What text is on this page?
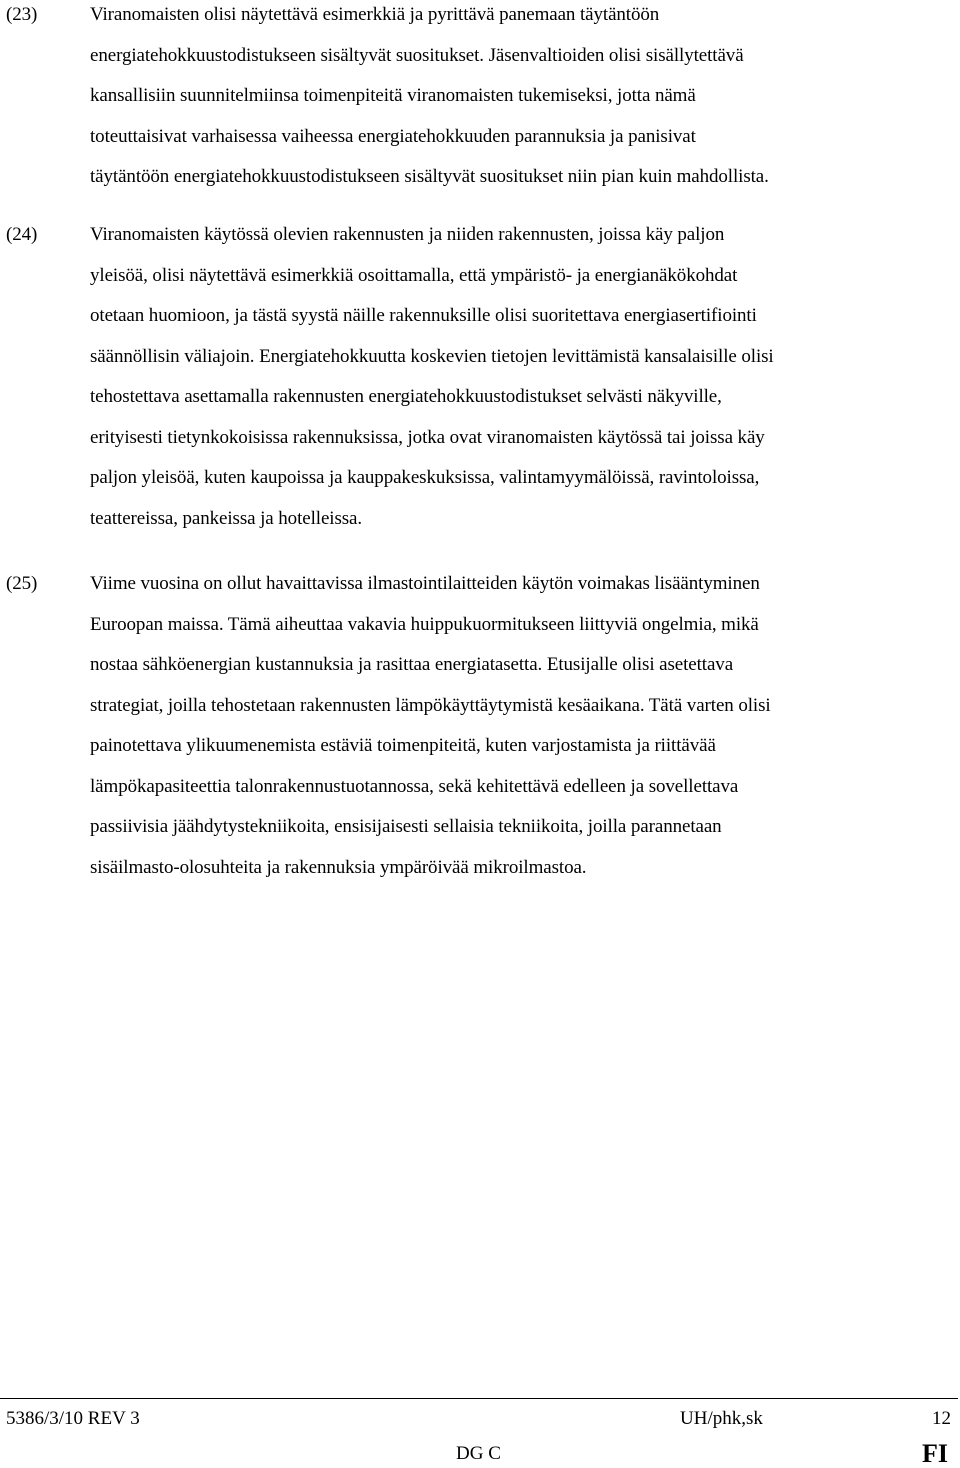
(23)	Viranomaisten olisi näytettävä esimerkkiä ja pyrittävä panemaan täytäntöön
energiatehokkuustodistukseen sisältyvät suositukset. Jäsenvaltioiden olisi sisällytettävä
kansallisiin suunnitelmiinsa toimenpiteitä viranomaisten tukemiseksi, jotta nämä
toteuttaisivat varhaisessa vaiheessa energiatehokkuuden parannuksia ja panisivat
täytäntöön energiatehokkuustodistukseen sisältyvät suositukset niin pian kuin mahdollista.
(24)	Viranomaisten käytössä olevien rakennusten ja niiden rakennusten, joissa käy paljon
yleisöä, olisi näytettävä esimerkkiä osoittamalla, että ympäristö- ja energianäkökohdat
otetaan huomioon, ja tästä syystä näille rakennuksille olisi suoritettava energiasertifiointi
säännöllisin väliajoin. Energiatehokkuutta koskevien tietojen levittämistä kansalaisille olisi
tehostettava asettamalla rakennusten energiatehokkuustodistukset selvästi näkyville,
erityisesti tietynkokoisissa rakennuksissa, jotka ovat viranomaisten käytössä tai joissa käy
paljon yleisöä, kuten kaupoissa ja kauppakeskuksissa, valintamyymälöissä, ravintoloissa,
teattereissa, pankeissa ja hotelleissa.
(25)	Viime vuosina on ollut havaittavissa ilmastointilaitteiden käytön voimakas lisääntyminen
Euroopan maissa. Tämä aiheuttaa vakavia huippukuormitukseen liittyviä ongelmia, mikä
nostaa sähköenergian kustannuksia ja rasittaa energiatasetta. Etusijalle olisi asetettava
strategiat, joilla tehostetaan rakennusten lämpökäyttäytymistä kesäaikana. Tätä varten olisi
painotettava ylikuumenemista estäviä toimenpiteitä, kuten varjostamista ja riittävää
lämpökapasiteettia talonrakennustuotannossa, sekä kehitettävä edelleen ja sovellettava
passiivisia jäähdytystekniikoita, ensisijaisesti sellaisia tekniikoita, joilla parannetaan
sisäilmasto-olosuhteita ja rakennuksia ympäröivää mikroilmastoa.
5386/3/10 REV 3	UH/phk,sk	12
DG C	FI
